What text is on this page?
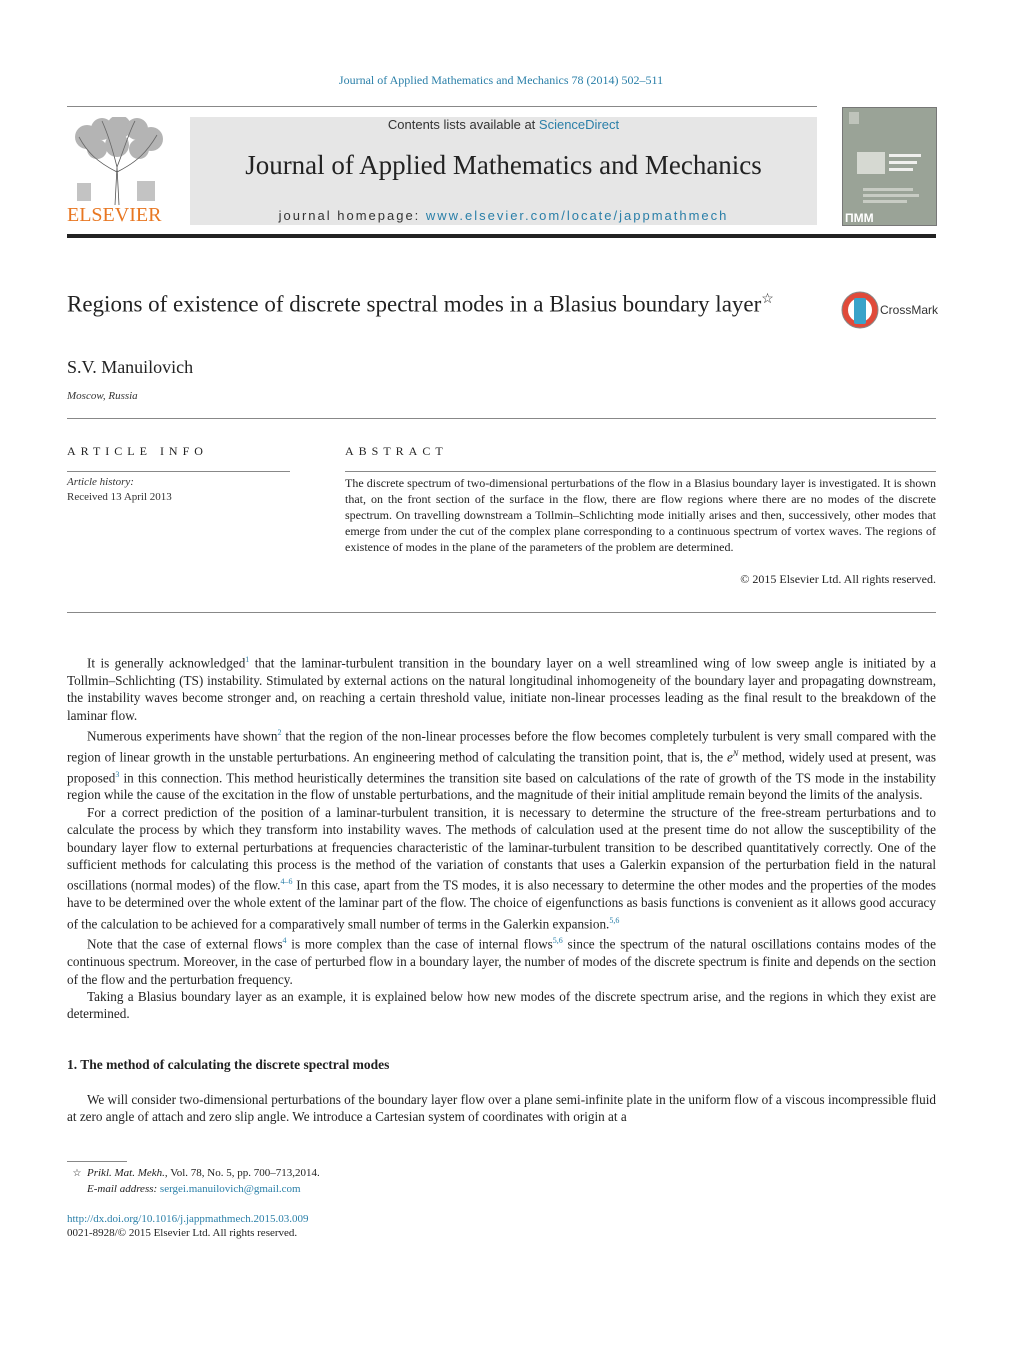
Journal of Applied Mathematics and Mechanics 78 (2014) 502–511
ELSEVIER
Contents lists available at ScienceDirect
Journal of Applied Mathematics and Mechanics
journal homepage: www.elsevier.com/locate/jappmathmech	ПММ
Regions of existence of discrete spectral modes in a Blasius boundary layer☆
CrossMark
S.V. Manuilovich
Moscow, Russia
ARTICLE INFO
Article history:
Received 13 April 2013
ABSTRACT
The discrete spectrum of two-dimensional perturbations of the flow in a Blasius boundary layer is investigated. It is shown that, on the front section of the surface in the flow, there are flow regions where there are no modes of the discrete spectrum. On travelling downstream a Tollmin–Schlichting mode initially arises and then, successively, other modes that emerge from under the cut of the complex plane corresponding to a continuous spectrum of vortex waves. The regions of existence of modes in the plane of the parameters of the problem are determined.
© 2015 Elsevier Ltd. All rights reserved.

It is generally acknowledged$^1$ that the laminar-turbulent transition in the boundary layer on a well streamlined wing of low sweep angle is initiated by a Tollmin–Schlichting (TS) instability. Stimulated by external actions on the natural longitudinal inhomogeneity of the boundary layer and propagating downstream, the instability waves become stronger and, on reaching a certain threshold value, initiate non-linear processes leading as the final result to the breakdown of the laminar flow.

Numerous experiments have shown$^2$ that the region of the non-linear processes before the flow becomes completely turbulent is very small compared with the region of linear growth in the unstable perturbations. An engineering method of calculating the transition point, that is, the $e^N$ method, widely used at present, was proposed$^3$ in this connection. This method heuristically determines the transition site based on calculations of the rate of growth of the TS mode in the instability region while the cause of the excitation in the flow of unstable perturbations, and the magnitude of their initial amplitude remain beyond the limits of the analysis.

For a correct prediction of the position of a laminar-turbulent transition, it is necessary to determine the structure of the free-stream perturbations and to calculate the process by which they transform into instability waves. The methods of calculation used at the present time do not allow the susceptibility of the boundary layer flow to external perturbations at frequencies characteristic of the laminar-turbulent transition to be described quantitatively correctly. One of the sufficient methods for calculating this process is the method of the variation of constants that uses a Galerkin expansion of the perturbation field in the natural oscillations (normal modes) of the flow.$^{4-6}$ In this case, apart from the TS modes, it is also necessary to determine the other modes and the properties of the modes have to be determined over the whole extent of the laminar part of the flow. The choice of eigenfunctions as basis functions is convenient as it allows good accuracy of the calculation to be achieved for a comparatively small number of terms in the Galerkin expansion.$^{5,6}$

Note that the case of external flows$^4$ is more complex than the case of internal flows$^{5,6}$ since the spectrum of the natural oscillations contains modes of the continuous spectrum. Moreover, in the case of perturbed flow in a boundary layer, the number of modes of the discrete spectrum is finite and depends on the section of the flow and the perturbation frequency.

Taking a Blasius boundary layer as an example, it is explained below how new modes of the discrete spectrum arise, and the regions in which they exist are determined.

1. The method of calculating the discrete spectral modes

We will consider two-dimensional perturbations of the boundary layer flow over a plane semi-infinite plate in the uniform flow of a viscous incompressible fluid at zero angle of attach and zero slip angle. We introduce a Cartesian system of coordinates with origin at a

☆ Prikl. Mat. Mekh., Vol. 78, No. 5, pp. 700–713,2014.
E-mail address: sergei.manuilovich@gmail.com
http://dx.doi.org/10.1016/j.jappmathmech.2015.03.009
0021-8928/© 2015 Elsevier Ltd. All rights reserved.
